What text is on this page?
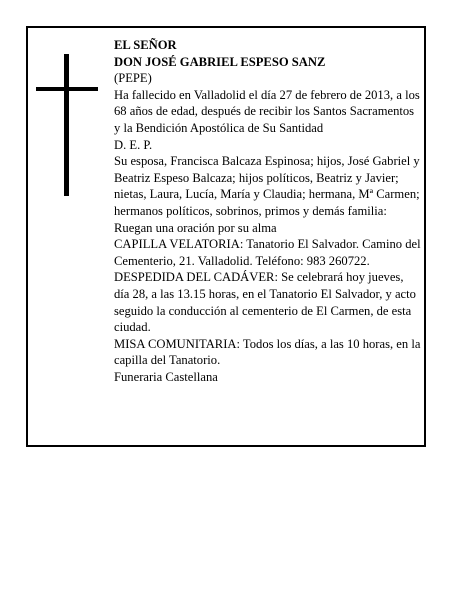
EL SEÑOR

DON JOSÉ GABRIEL ESPESO SANZ

(PEPE)

Ha fallecido en Valladolid el día 27 de febrero de 2013, a los 68 años de edad, después de recibir los Santos Sacramentos y la Bendición Apostólica de Su Santidad

D. E. P.

Su esposa, Francisca Balcaza Espinosa; hijos, José Gabriel y Beatriz Espeso Balcaza; hijos políticos, Beatriz y Javier; nietas, Laura, Lucía, María y Claudia; hermana, Mª Carmen; hermanos políticos, sobrinos, primos y demás familia:

Ruegan una oración por su alma

CAPILLA VELATORIA: Tanatorio El Salvador. Camino del Cementerio, 21. Valladolid. Teléfono: 983 260722.

DESPEDIDA DEL CADÁVER: Se celebrará hoy jueves, día 28, a las 13.15 horas, en el Tanatorio El Salvador, y acto seguido la conducción al cementerio de El Carmen, de esta ciudad.

MISA COMUNITARIA: Todos los días, a las 10 horas, en la capilla del Tanatorio.

Funeraria Castellana
